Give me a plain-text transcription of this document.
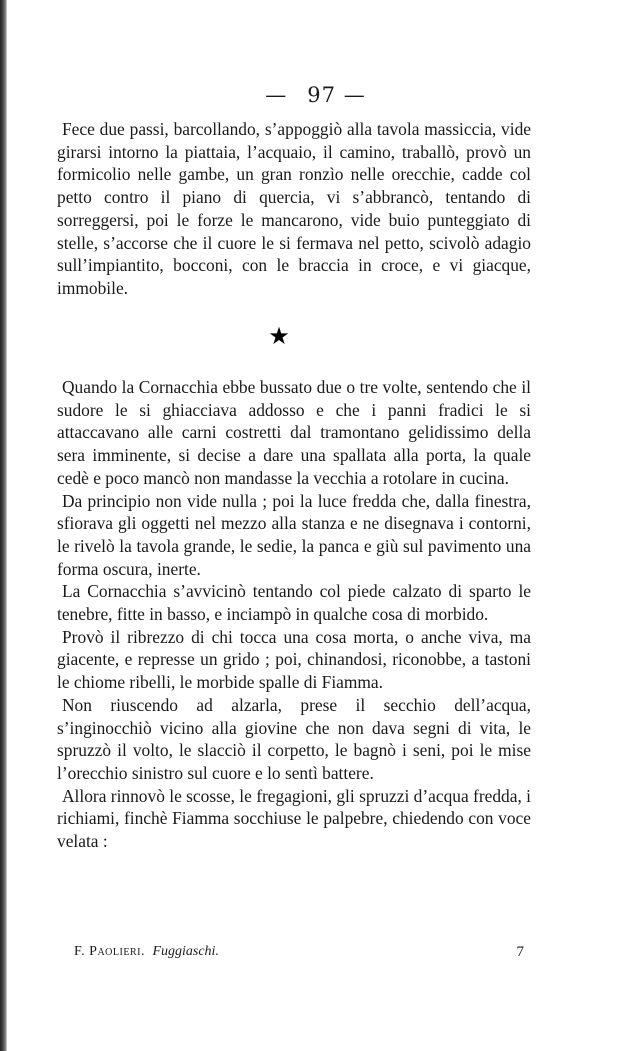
— 97 —

Fece due passi, barcollando, s’appoggiò alla tavola massiccia, vide girarsi intorno la piattaia, l’acquaio, il camino, traballò, provò un formicolio nelle gambe, un gran ronzìo nelle orecchie, cadde col petto contro il piano di quercia, vi s’abbrancò, tentando di sorreggersi, poi le forze le mancarono, vide buio punteggiato di stelle, s’accorse che il cuore le si fermava nel petto, scivolò adagio sull’impiantito, bocconi, con le braccia in croce, e vi giacque, immobile.

★

Quando la Cornacchia ebbe bussato due o tre volte, sentendo che il sudore le si ghiacciava addosso e che i panni fradici le si attaccavano alle carni costretti dal tramontano gelidissimo della sera imminente, si decise a dare una spallata alla porta, la quale cedè e poco mancò non mandasse la vecchia a rotolare in cucina.

Da principio non vide nulla ; poi la luce fredda che, dalla finestra, sfiorava gli oggetti nel mezzo alla stanza e ne disegnava i contorni, le rivelò la tavola grande, le sedie, la panca e giù sul pavimento una forma oscura, inerte.

La Cornacchia s’avvicinò tentando col piede calzato di sparto le tenebre, fitte in basso, e inciampò in qualche cosa di morbido.

Provò il ribrezzo di chi tocca una cosa morta, o anche viva, ma giacente, e represse un grido ; poi, chinandosi, riconobbe, a tastoni le chiome ribelli, le morbide spalle di Fiamma.

Non riuscendo ad alzarla, prese il secchio dell’acqua, s’inginocchiò vicino alla giovine che non dava segni di vita, le spruzzò il volto, le slacciò il corpetto, le bagnò i seni, poi le mise l’orecchio sinistro sul cuore e lo sentì battere.

Allora rinnovò le scosse, le fregagioni, gli spruzzi d’acqua fredda, i richiami, finchè Fiamma socchiuse le palpebre, chiedendo con voce velata :

F. Paolieri. Fuggiaschi.	7
